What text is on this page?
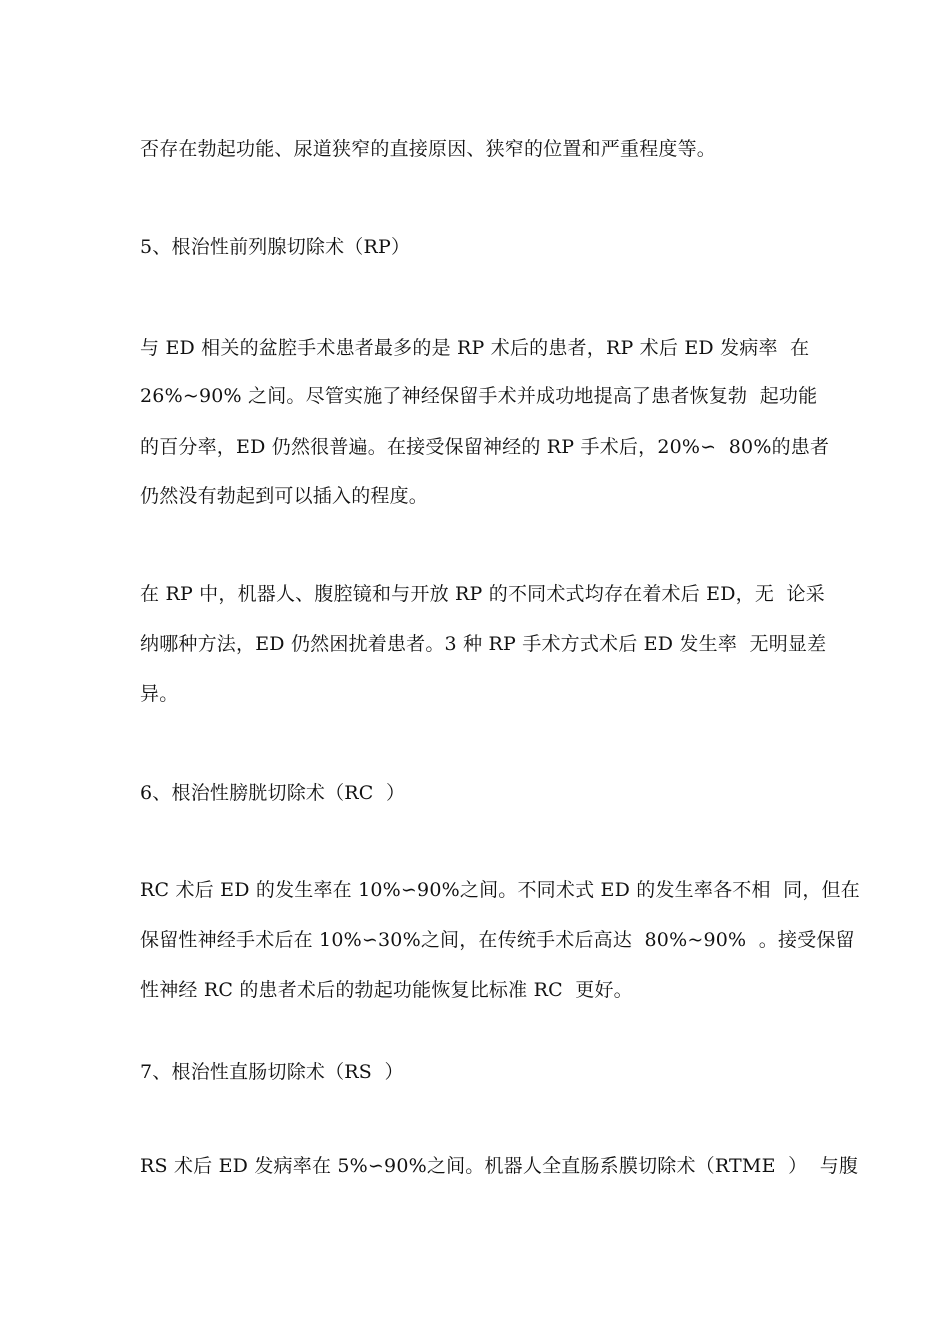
否存在勃起功能、尿道狭窄的直接原因、狭窄的位置和严重程度等。
5、根治性前列腺切除术（RP）
与 ED 相关的盆腔手术患者最多的是 RP 术后的患者，RP 术后 ED 发病率  在
26%~90% 之间。尽管实施了神经保留手术并成功地提高了患者恢复勃  起功能
的百分率，ED 仍然很普遍。在接受保留神经的 RP 手术后，20%∽  80%的患者
仍然没有勃起到可以插入的程度。
在 RP 中，机器人、腹腔镜和与开放 RP 的不同术式均存在着术后 ED，无  论采
纳哪种方法，ED 仍然困扰着患者。3 种 RP 手术方式术后 ED 发生率  无明显差
异。
6、根治性膀胱切除术（RC  ）
RC 术后 ED 的发生率在 10%∽90%之间。不同术式 ED 的发生率各不相  同，但在
保留性神经手术后在 10%∽30%之间，在传统手术后高达  80%~90%  。接受保留
性神经 RC 的患者术后的勃起功能恢复比标准 RC  更好。
7、根治性直肠切除术（RS  ）
RS 术后 ED 发病率在 5%∽90%之间。机器人全直肠系膜切除术（RTME  ）  与腹
